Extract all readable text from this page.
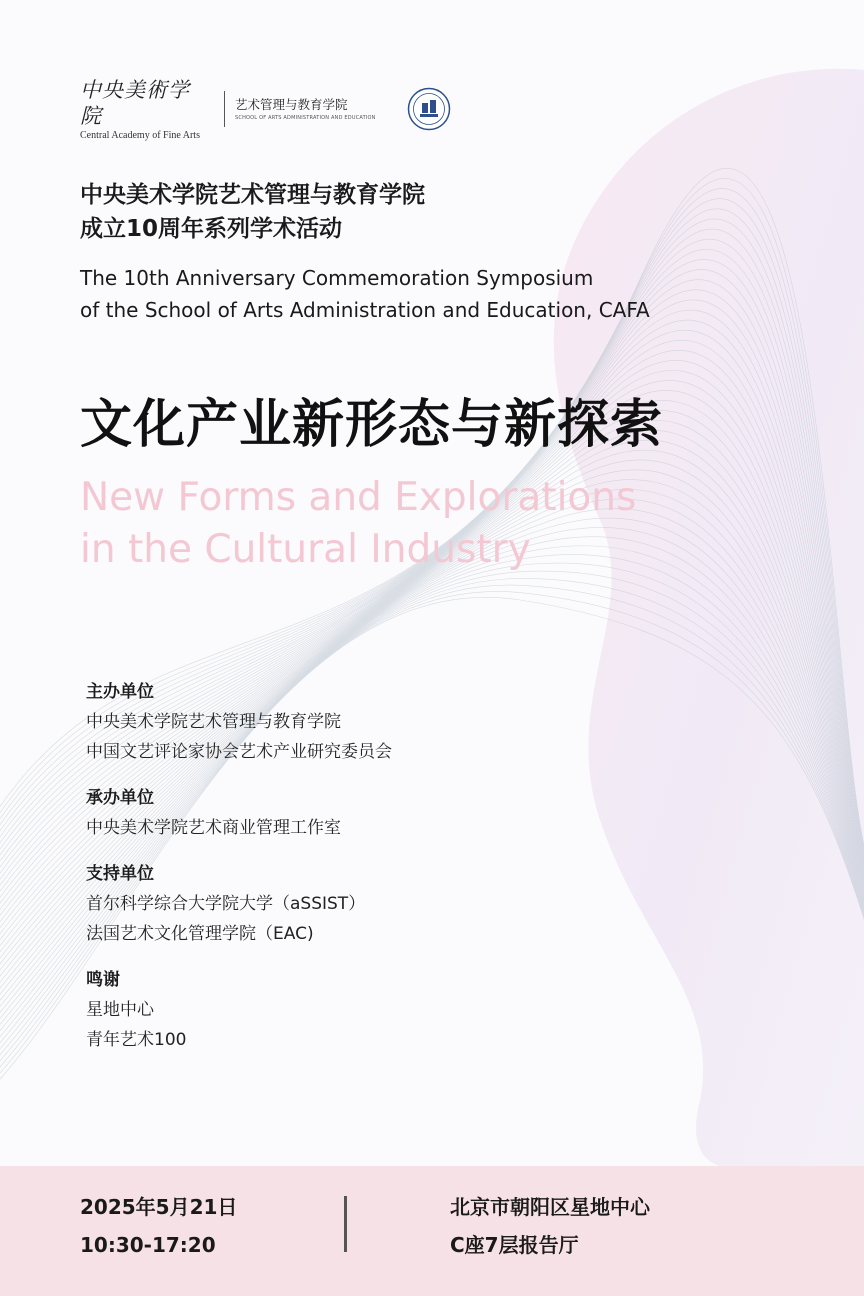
中央美術学院
Central Academy of Fine Arts
艺术管理与教育学院
SCHOOL OF ARTS ADMINISTRATION AND EDUCATION
中央美术学院艺术管理与教育学院
成立10周年系列学术活动
The 10th Anniversary Commemoration Symposium
of the School of Arts Administration and Education, CAFA
文化产业新形态与新探索
New Forms and Explorations
in the Cultural Industry
主办单位
中央美术学院艺术管理与教育学院
中国文艺评论家协会艺术产业研究委员会
承办单位
中央美术学院艺术商业管理工作室
支持单位
首尔科学综合大学院大学（aSSIST）
法国艺术文化管理学院（EAC)
鸣谢
星地中心
青年艺术100
2025年5月21日
10:30-17:20
北京市朝阳区星地中心
C座7层报告厅
